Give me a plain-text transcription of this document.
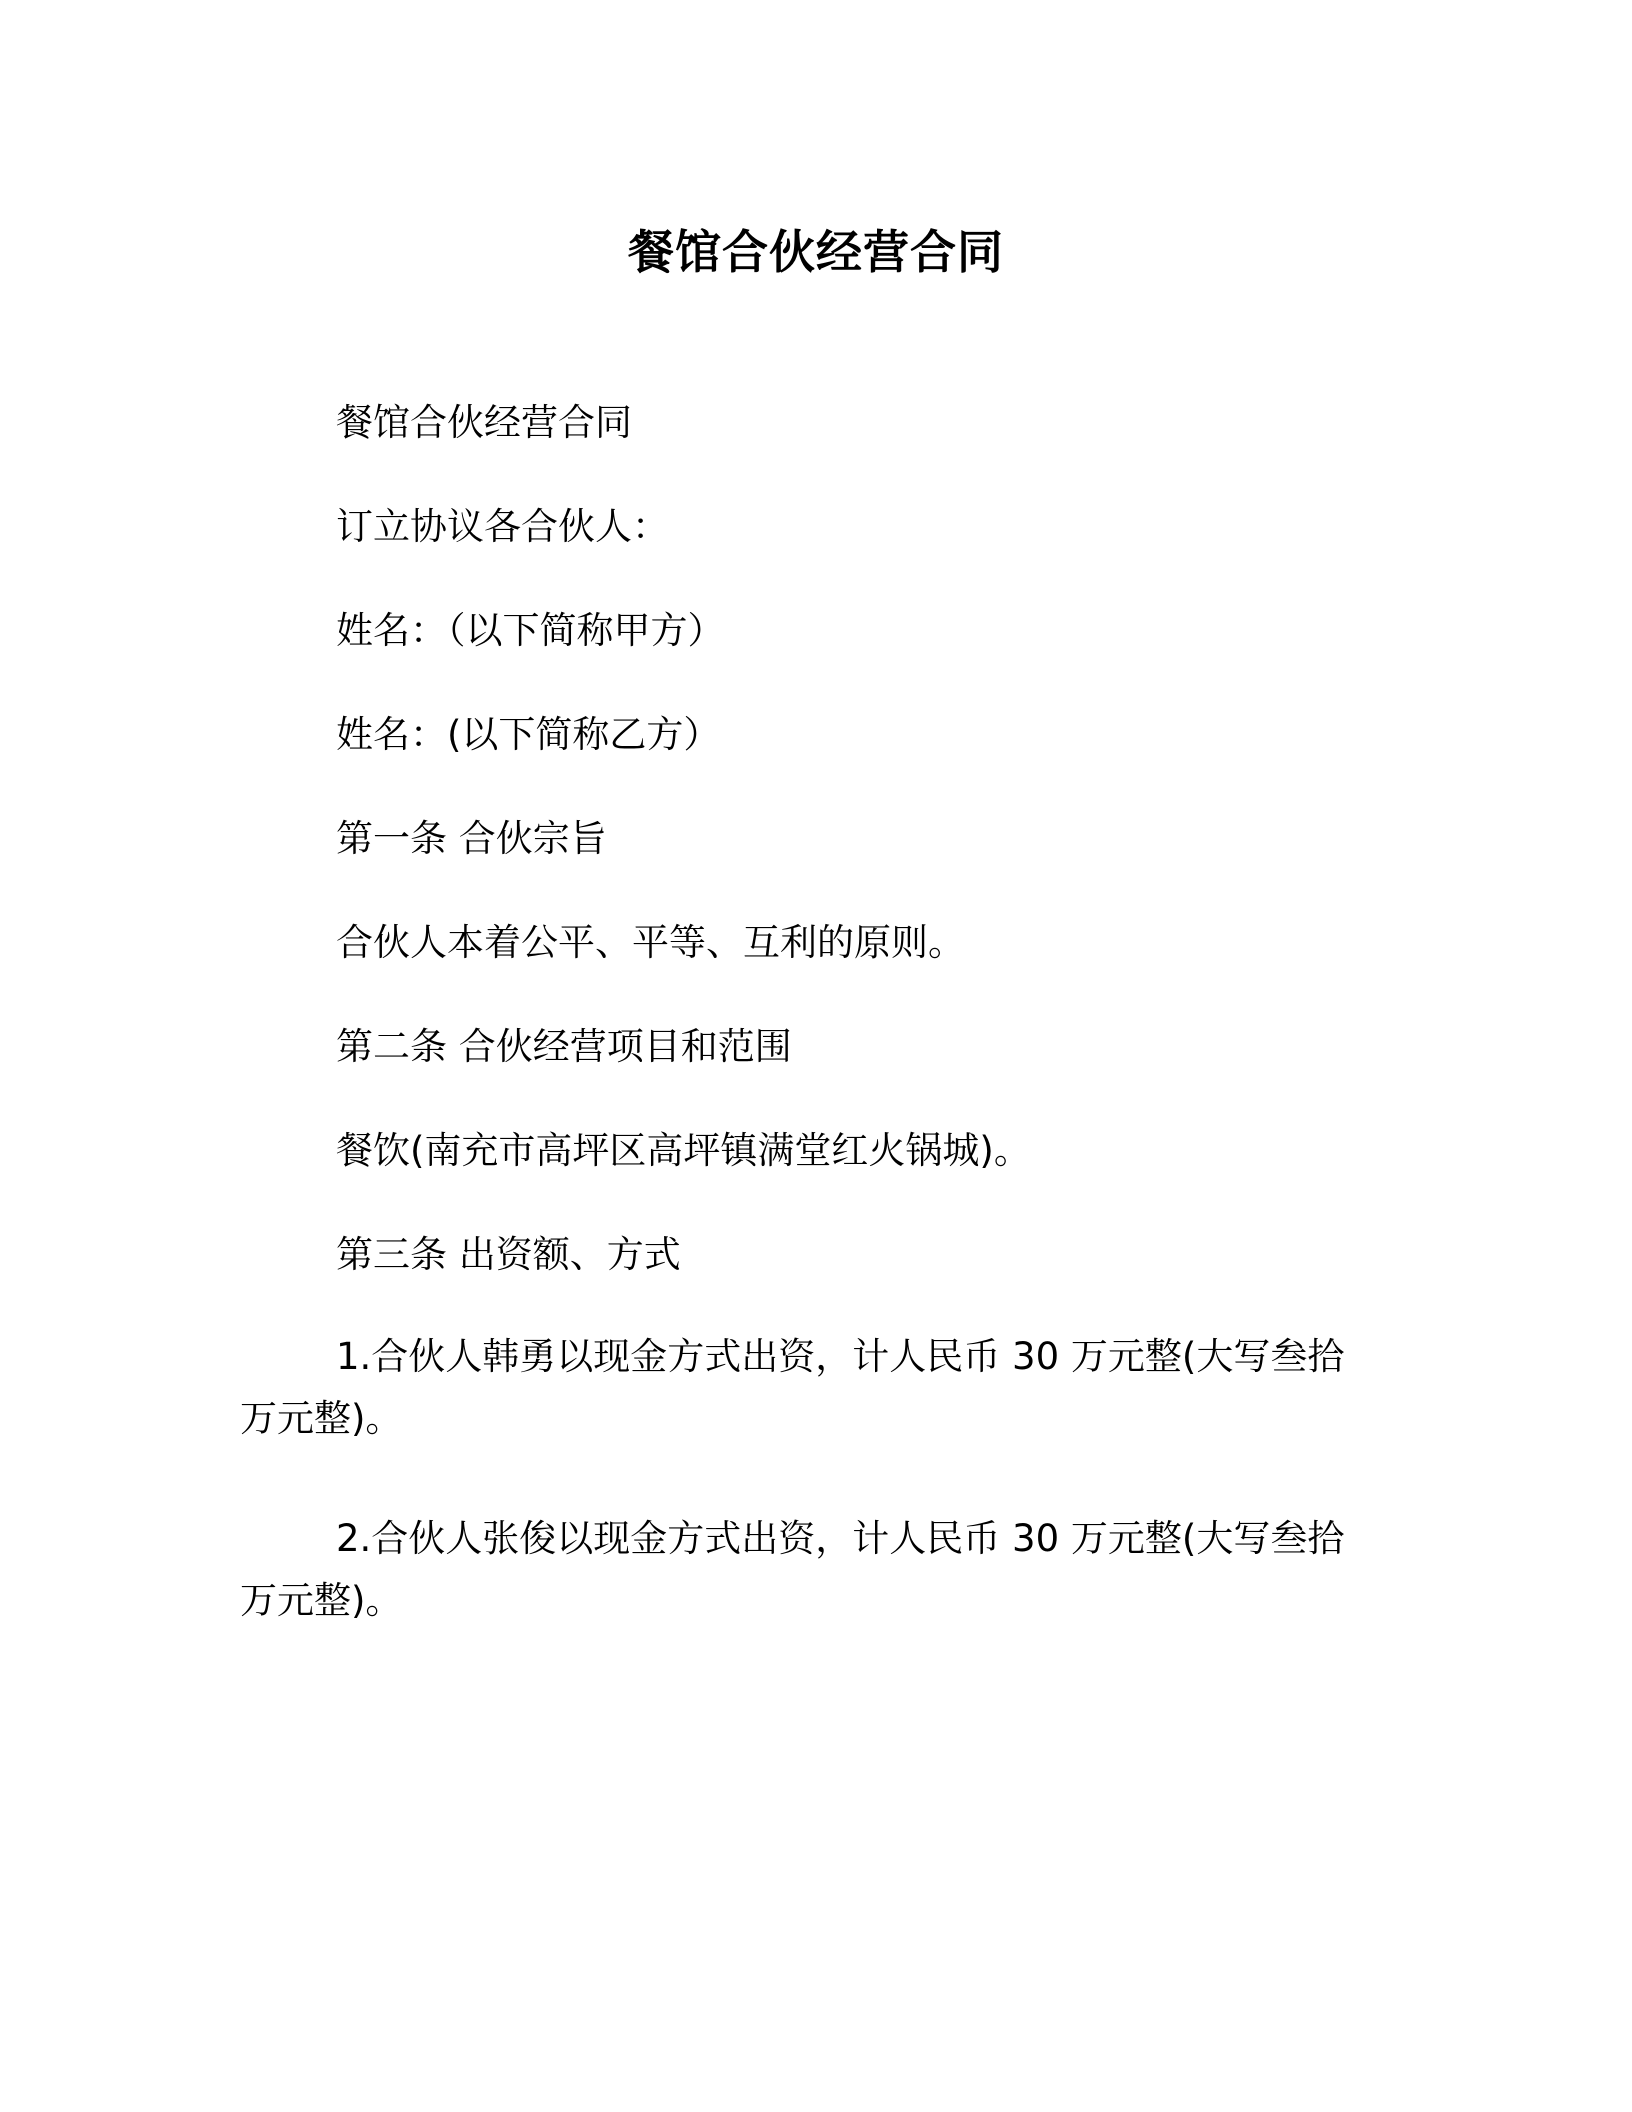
餐馆合伙经营合同
餐馆合伙经营合同
订立协议各合伙人：
姓名：（以下简称甲方）
姓名：(以下简称乙方）
第一条 合伙宗旨
合伙人本着公平、平等、互利的原则。
第二条 合伙经营项目和范围
餐饮(南充市高坪区高坪镇满堂红火锅城)。
第三条 出资额、方式
1.合伙人韩勇以现金方式出资，计人民币 30 万元整(大写叁拾万元整)。
2.合伙人张俊以现金方式出资，计人民币 30 万元整(大写叁拾万元整)。
